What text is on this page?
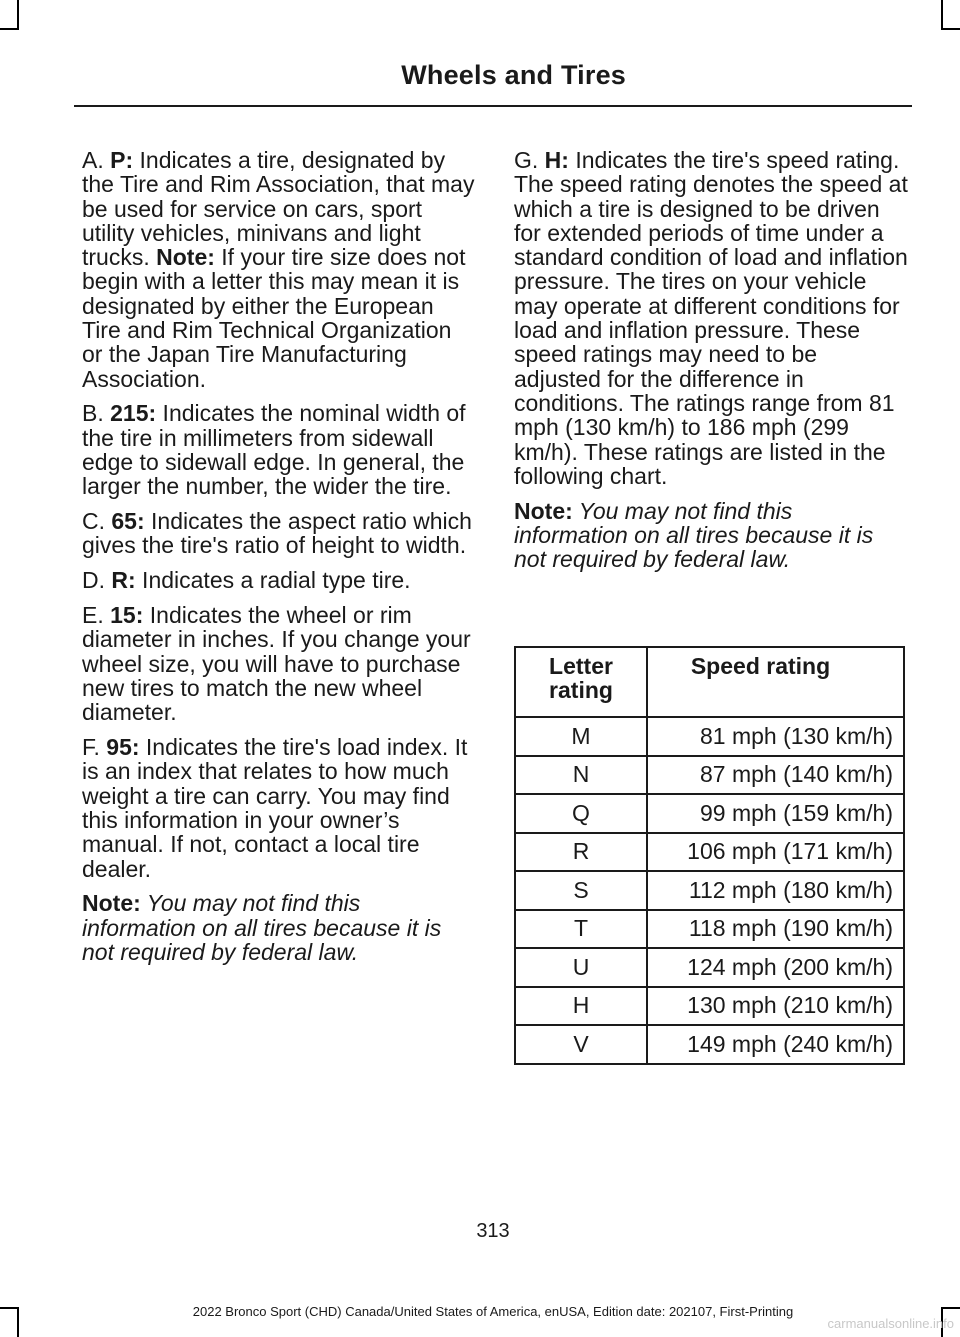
Wheels and Tires

A. P: Indicates a tire, designated by the Tire and Rim Association, that may be used for service on cars, sport utility vehicles, minivans and light trucks. Note: If your tire size does not begin with a letter this may mean it is designated by either the European Tire and Rim Technical Organization or the Japan Tire Manufacturing Association.

B. 215: Indicates the nominal width of the tire in millimeters from sidewall edge to sidewall edge. In general, the larger the number, the wider the tire.

C. 65: Indicates the aspect ratio which gives the tire's ratio of height to width.

D. R: Indicates a radial type tire.

E. 15: Indicates the wheel or rim diameter in inches. If you change your wheel size, you will have to purchase new tires to match the new wheel diameter.

F. 95: Indicates the tire's load index. It is an index that relates to how much weight a tire can carry. You may find this information in your owner’s manual. If not, contact a local tire dealer.

Note: You may not find this information on all tires because it is not required by federal law.

G. H: Indicates the tire's speed rating. The speed rating denotes the speed at which a tire is designed to be driven for extended periods of time under a standard condition of load and inflation pressure. The tires on your vehicle may operate at different conditions for load and inflation pressure. These speed ratings may need to be adjusted for the difference in conditions. The ratings range from 81 mph (130 km/h) to 186 mph (299 km/h). These ratings are listed in the following chart.

Note: You may not find this information on all tires because it is not required by federal law.

Letter rating	Speed rating
M	81 mph (130 km/h)
N	87 mph (140 km/h)
Q	99 mph (159 km/h)
R	106 mph (171 km/h)
S	112 mph (180 km/h)
T	118 mph (190 km/h)
U	124 mph (200 km/h)
H	130 mph (210 km/h)
V	149 mph (240 km/h)
313
2022 Bronco Sport (CHD) Canada/United States of America, enUSA, Edition date: 202107, First-Printing
carmanualsonline.info
